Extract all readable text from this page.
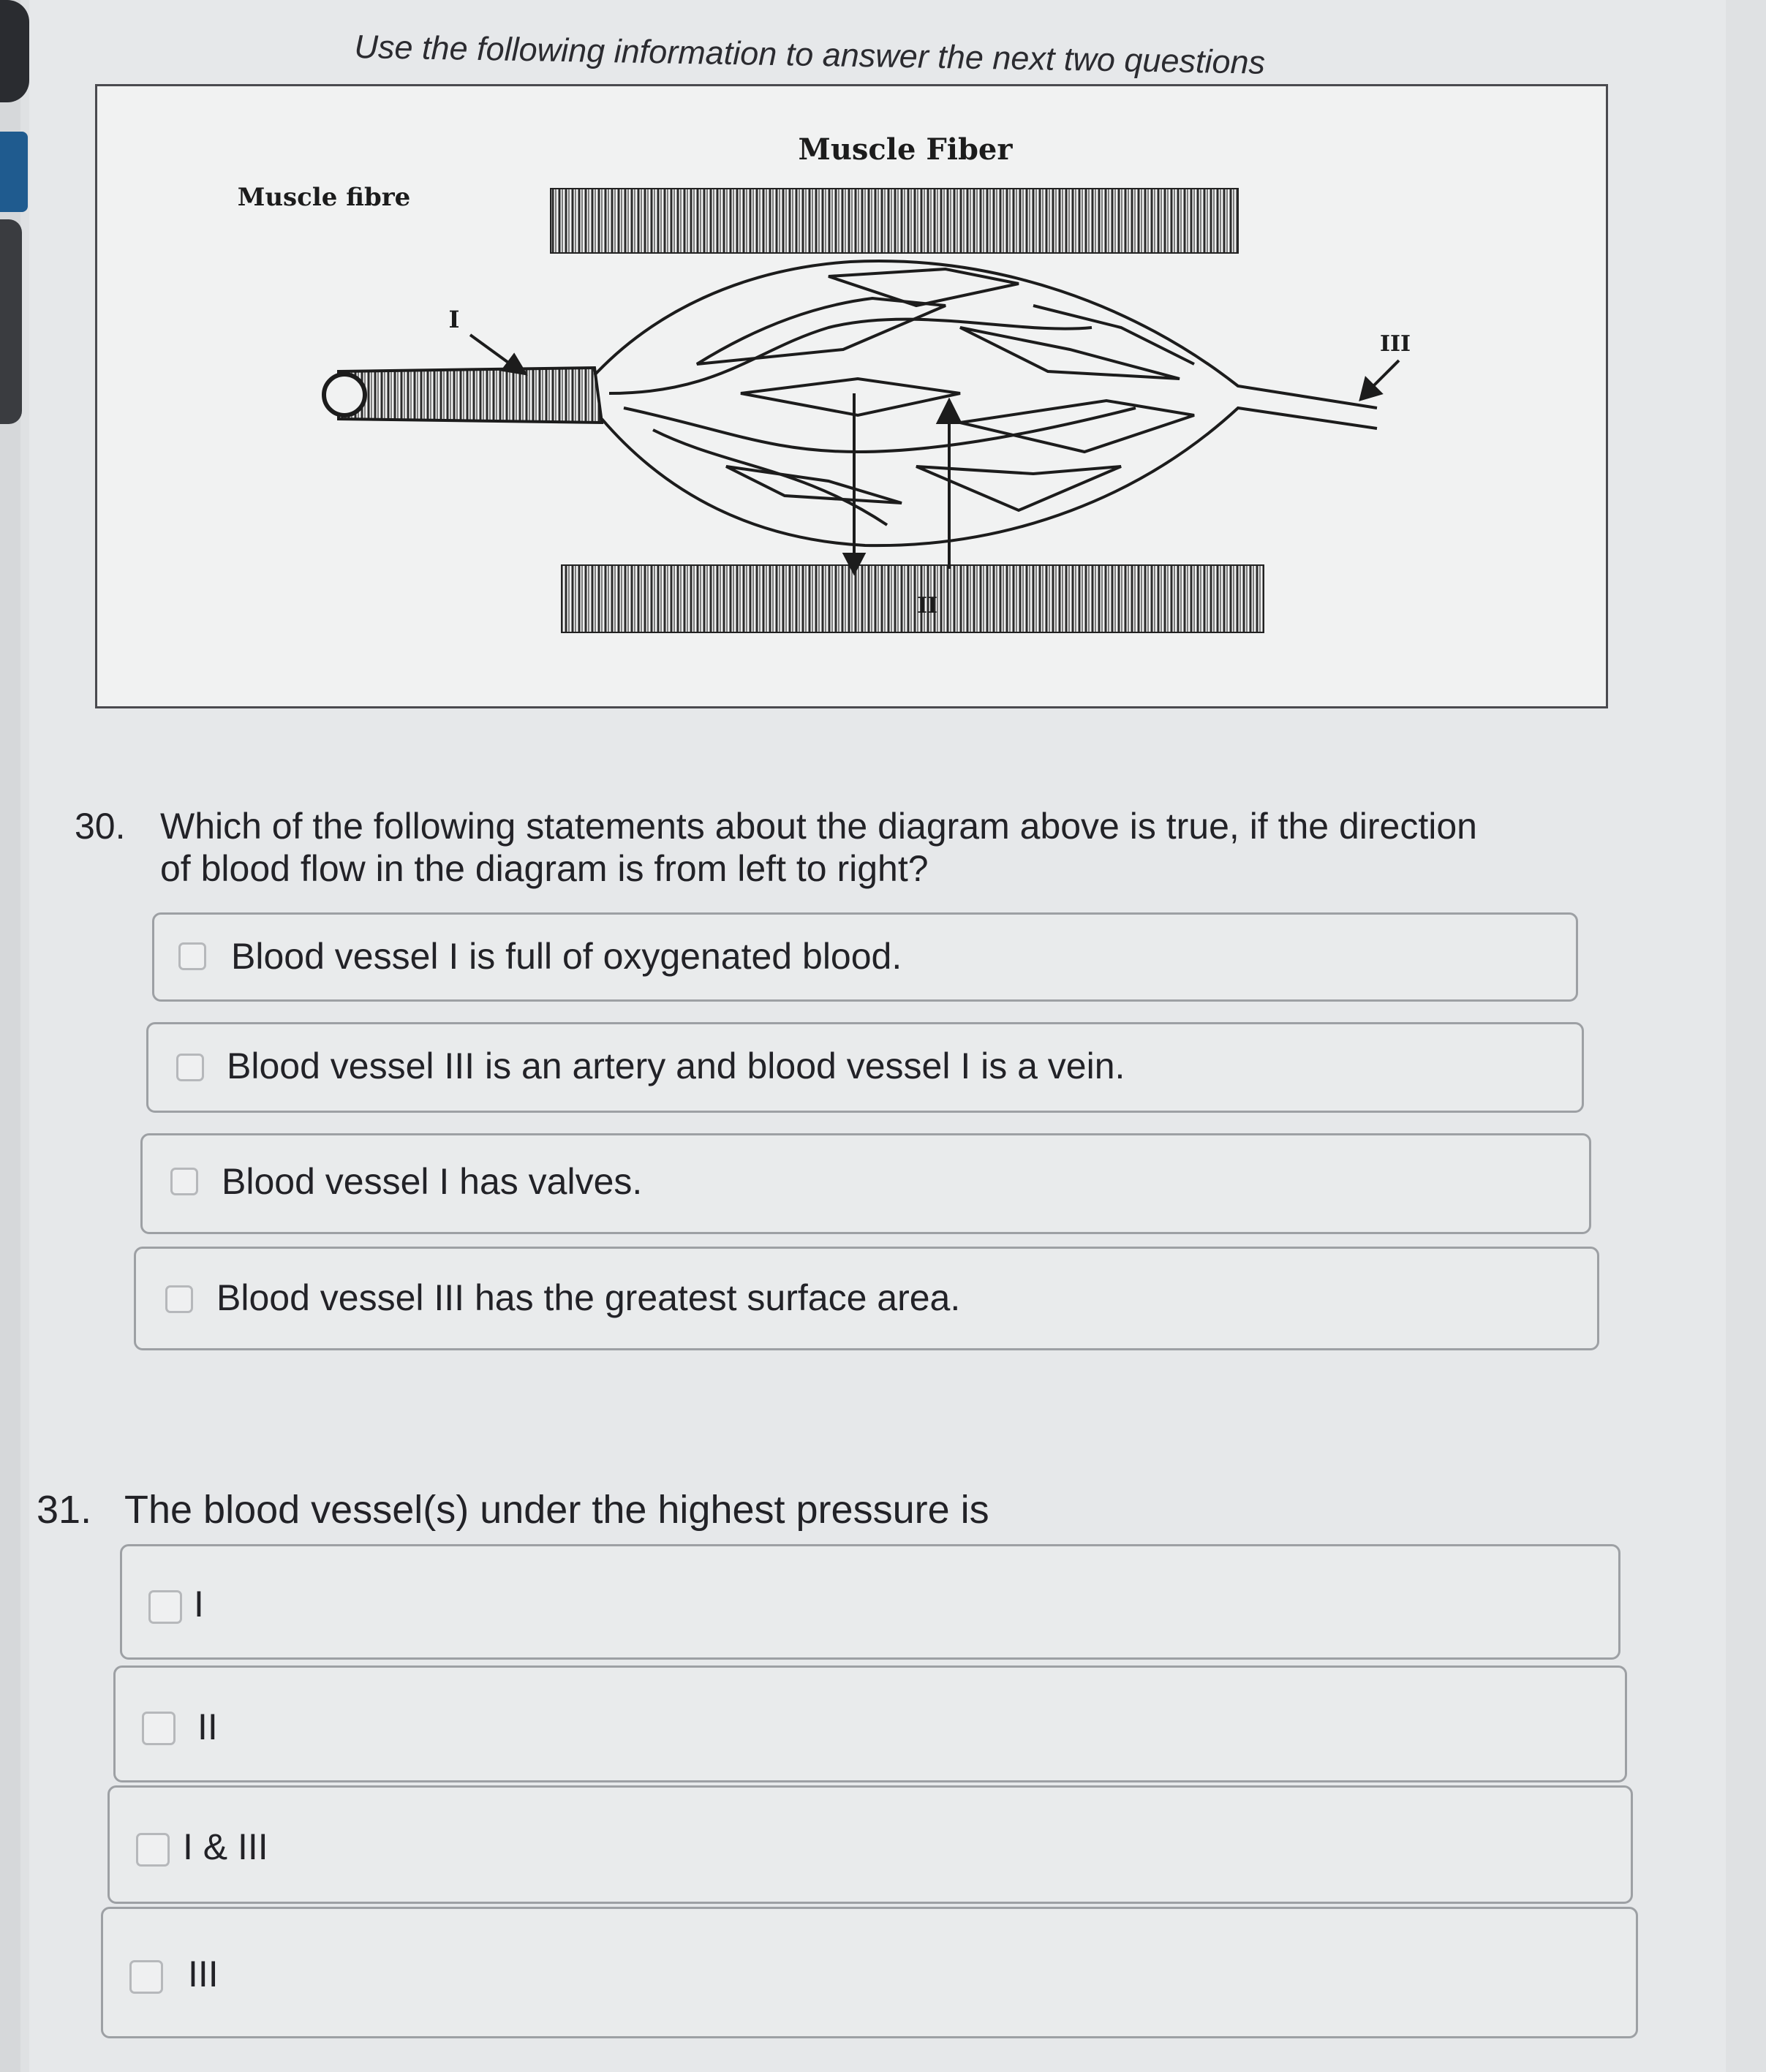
Use the following information to answer the next two questions
Muscle Fiber
Muscle fibre
I
II
III
30. Which of the following statements about the diagram above is true, if the direction
of blood flow in the diagram is from left to right?
Blood vessel I is full of oxygenated blood.
Blood vessel III is an artery and blood vessel I is a vein.
Blood vessel I has valves.
Blood vessel III has the greatest surface area.
31. The blood vessel(s) under the highest pressure is
I
II
I & III
III
